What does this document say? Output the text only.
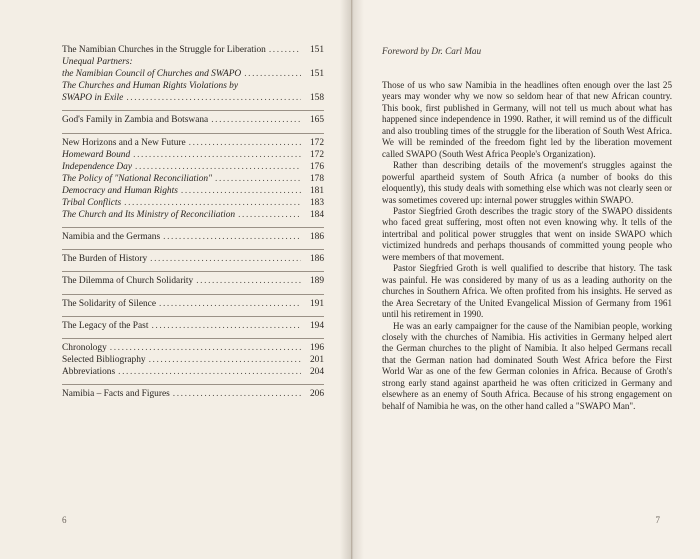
The Namibian Churches in the Struggle for Liberation .....	151
Unequal Partners:
the Namibian Council of Churches and SWAPO .....	151
The Churches and Human Rights Violations by
SWAPO in Exile .....	158
God's Family in Zambia and Botswana .....	165
New Horizons and a New Future .....	172
Homeward Bound .....	172
Independence Day .....	176
The Policy of "National Reconciliation" .....	178
Democracy and Human Rights .....	181
Tribal Conflicts .....	183
The Church and Its Ministry of Reconciliation .....	184
Namibia and the Germans .....	186
The Burden of History .....	186
The Dilemma of Church Solidarity .....	189
The Solidarity of Silence .....	191
The Legacy of the Past .....	194
Chronology .....	196
Selected Bibliography .....	201
Abbreviations .....	204
Namibia – Facts and Figures .....	206
6
Foreword by Dr. Carl Mau

Those of us who saw Namibia in the headlines often enough over the last 25 years may wonder why we now so seldom hear of that new African country. This book, first published in Germany, will not tell us much about what has happened since independence in 1990. Rather, it will remind us of the difficult and also troubling times of the struggle for the liberation of South West Africa. We will be reminded of the freedom fight led by the liberation movement called SWAPO (South West Africa People's Organization).

Rather than describing details of the movement's struggles against the powerful apartheid system of South Africa (a number of books do this eloquently), this study deals with something else which was not clearly seen or was sometimes covered up: internal power struggles within SWAPO.

Pastor Siegfried Groth describes the tragic story of the SWAPO dissidents who faced great suffering, most often not even knowing why. It tells of the intertribal and political power struggles that went on inside SWAPO which victimized hundreds and perhaps thousands of committed young people who were members of that movement.

Pastor Siegfried Groth is well qualified to describe that history. The task was painful. He was considered by many of us as a leading authority on the churches in Southern Africa. We often profited from his insights. He served as the Area Secretary of the United Evangelical Mission of Germany from 1961 until his retirement in 1990.

He was an early campaigner for the cause of the Namibian people, working closely with the churches of Namibia. His activities in Germany helped alert the German churches to the plight of Namibia. It also helped Germans recall that the German nation had dominated South West Africa before the First World War as one of the few German colonies in Africa. Because of Groth's strong early stand against apartheid he was often criticized in Germany and elsewhere as an enemy of South Africa. Because of his strong engagement on behalf of Namibia he was, on the other hand called a "SWAPO Man".

7
